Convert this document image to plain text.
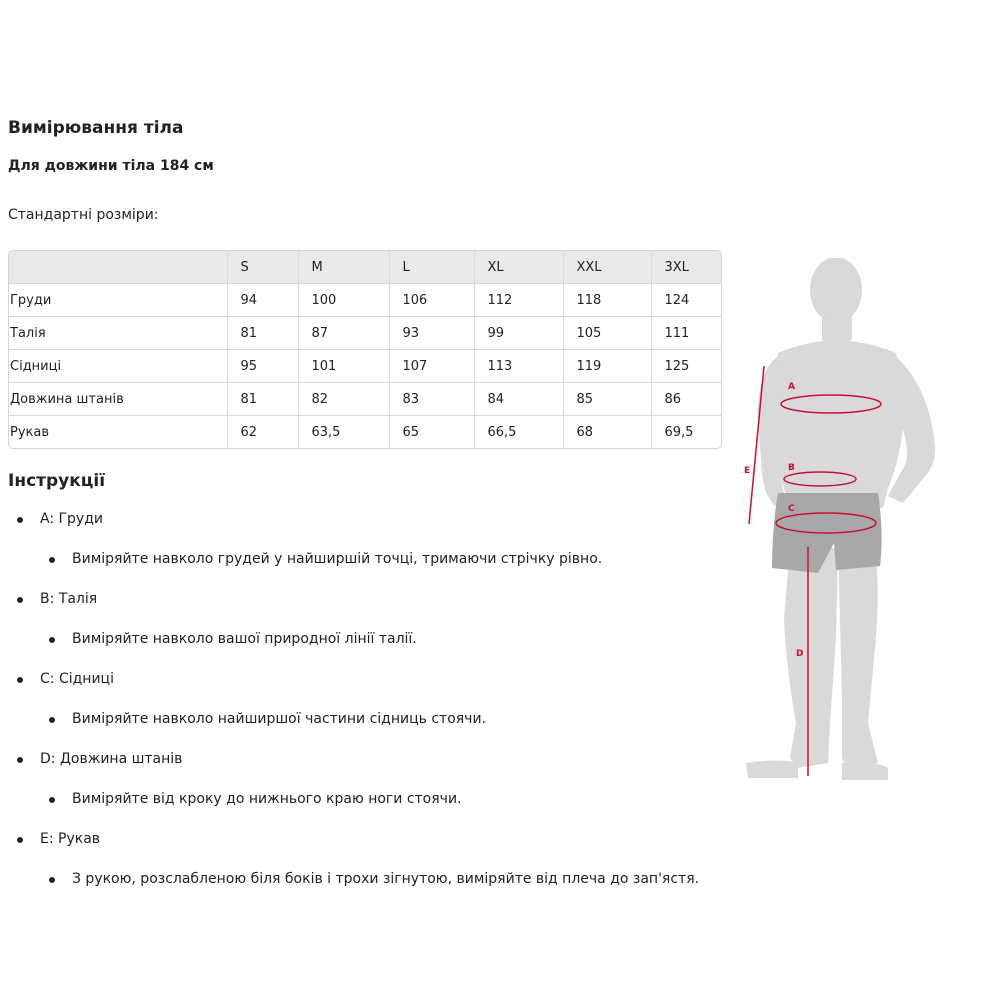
Вимірювання тіла

Для довжини тіла 184 см

Стандартні розміри:

	S	M	L	XL	XXL	3XL
Груди	94	100	106	112	118	124
Талія	81	87	93	99	105	111
Сідниці	95	101	107	113	119	125
Довжина штанів	81	82	83	84	85	86
Рукав	62	63,5	65	66,5	68	69,5
Інструкції
A: Груди
Виміряйте навколо грудей у найширшій точці, тримаючи стрічку рівно.
B: Талія
Виміряйте навколо вашої природної лінії талії.
C: Сідниці
Виміряйте навколо найширшої частини сідниць стоячи.
D: Довжина штанів
Виміряйте від кроку до нижнього краю ноги стоячи.
E: Рукав
З рукою, розслабленою біля боків і трохи зігнутою, виміряйте від плеча до зап'ястя.
A
B
C
D
E
